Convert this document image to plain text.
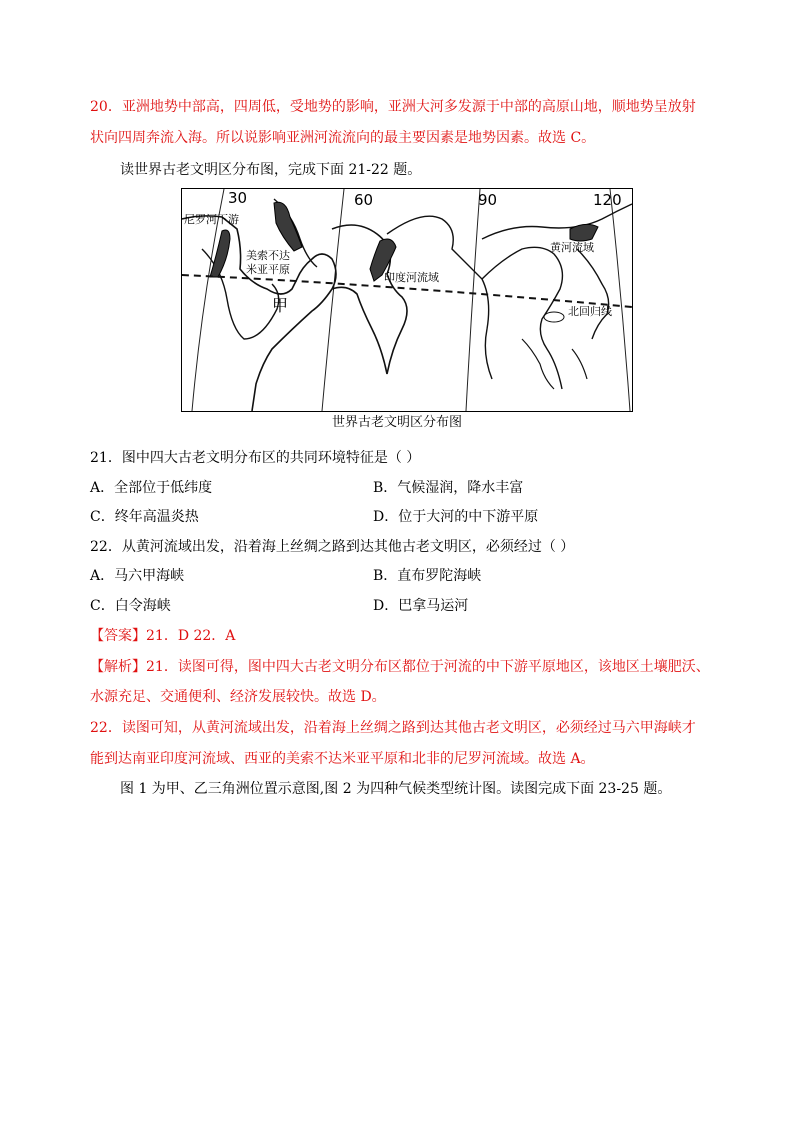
20．亚洲地势中部高，四周低，受地势的影响，亚洲大河多发源于中部的高原山地，顺地势呈放射
状向四周奔流入海。所以说影响亚洲河流流向的最主要因素是地势因素。故选 C。
读世界古老文明区分布图，完成下面 21-22 题。
30	60	90	120
尼罗河下游
美索不达
米亚平原
甲
印度河流域
黄河流域
北回归线
世界古老文明区分布图
21．图中四大古老文明分布区的共同环境特征是（ ）
A．全部位于低纬度	B．气候湿润，降水丰富
C．终年高温炎热	D．位于大河的中下游平原
22．从黄河流域出发，沿着海上丝绸之路到达其他古老文明区，必须经过（ ）
A．马六甲海峡	B．直布罗陀海峡
C．白令海峡	D．巴拿马运河
【答案】21．D 22．A
【解析】21．读图可得，图中四大古老文明分布区都位于河流的中下游平原地区，该地区土壤肥沃、
水源充足、交通便利、经济发展较快。故选 D。
22．读图可知，从黄河流域出发，沿着海上丝绸之路到达其他古老文明区，必须经过马六甲海峡才
能到达南亚印度河流域、西亚的美索不达米亚平原和北非的尼罗河流域。故选 A。
图 1 为甲、乙三角洲位置示意图,图 2 为四种气候类型统计图。读图完成下面 23-25 题。
